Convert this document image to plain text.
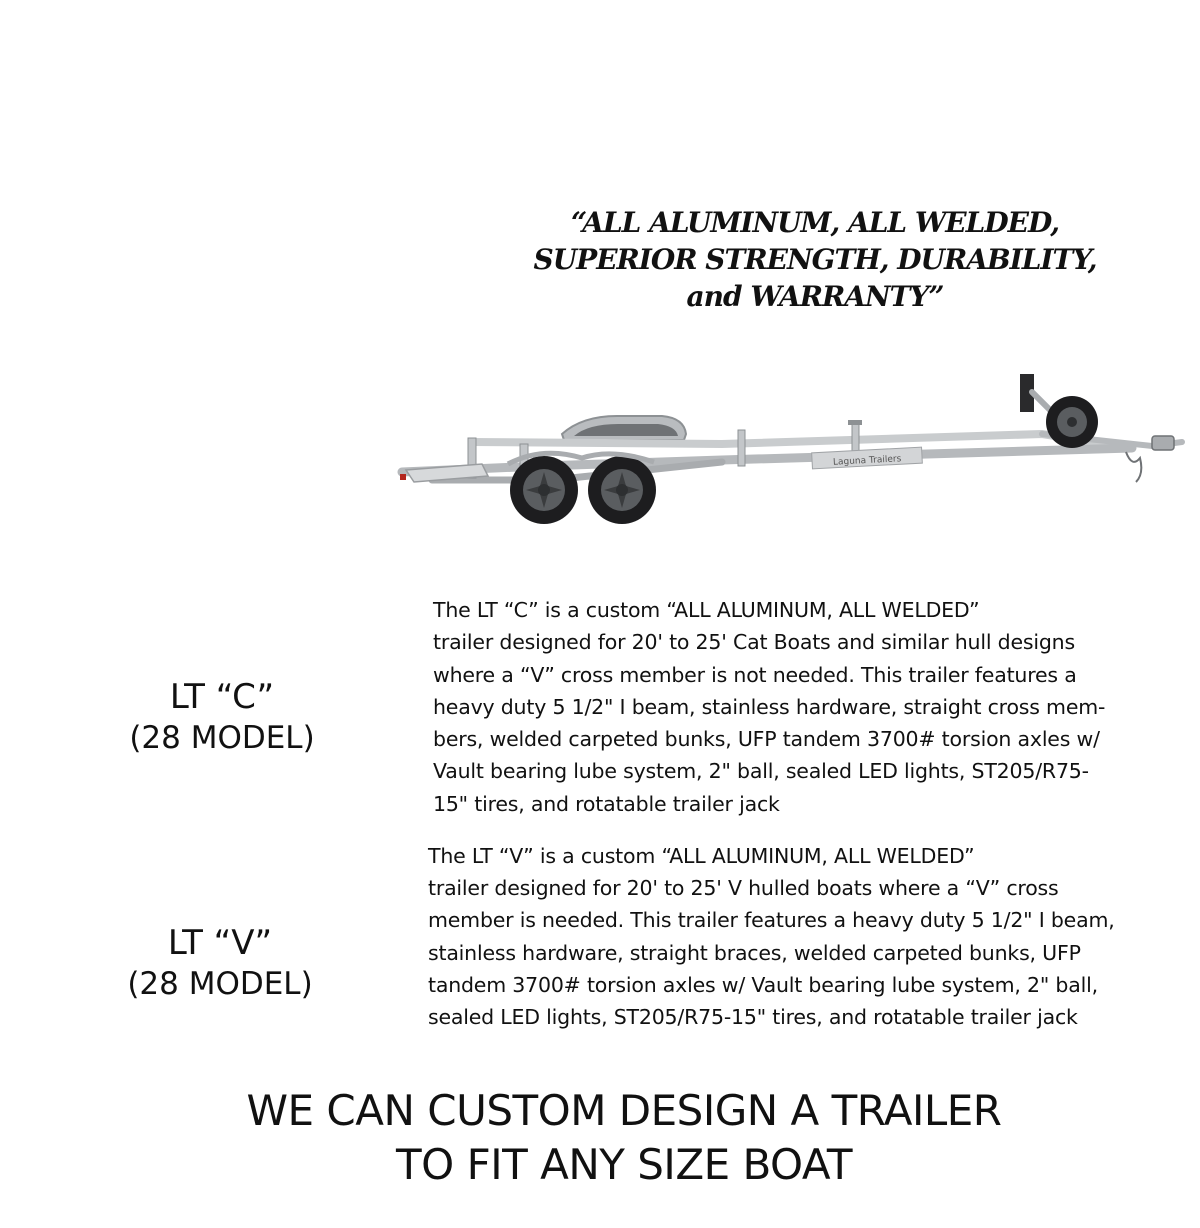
“ALL ALUMINUM, ALL WELDED,
SUPERIOR STRENGTH, DURABILITY,
and WARRANTY”
Laguna Trailers
LT “C”
(28 MODEL)
The LT “C” is a custom “ALL ALUMINUM, ALL WELDED”
trailer designed for 20' to 25' Cat Boats and similar hull designs
where a “V” cross member is not needed. This trailer features a
heavy duty 5 1/2" I beam, stainless hardware, straight cross mem-
bers, welded carpeted bunks, UFP tandem 3700# torsion axles w/
Vault bearing lube system, 2" ball, sealed LED lights, ST205/R75-
15" tires, and rotatable trailer jack
LT “V”
(28 MODEL)
The LT “V” is a custom “ALL ALUMINUM, ALL WELDED”
trailer designed for 20' to 25' V hulled boats where a “V” cross
member is needed. This trailer features a heavy duty 5 1/2" I beam,
stainless hardware, straight braces, welded carpeted bunks, UFP
tandem 3700# torsion axles w/ Vault bearing lube system, 2" ball,
sealed LED lights, ST205/R75-15" tires, and rotatable trailer jack
WE CAN CUSTOM DESIGN A TRAILER
TO FIT ANY SIZE BOAT
